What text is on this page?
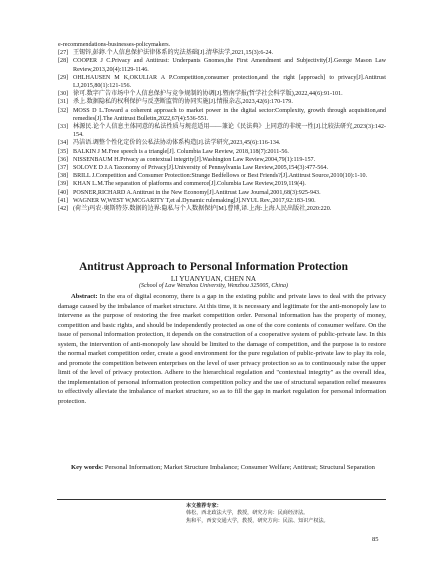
e-recommendations-businesses-policymakers.
[27] 王锡锌,彭錞.个人信息保护法律体系的宪法基础[J].清华法学,2021,15(3):6-24.
[28] COOPER J C.Privacy and Antitrust: Underpants Gnomes,the First Amendment and Subjectivity[J].George Mason Law Review,2013,20(4):1129-1146.
[29] OHLHAUSEN M K,OKULIAR A P.Competition,consumer protection,and the right [approach] to privacy[J].Antitrust LJ,2015,80(1):121-156.
[30] 徐可.数字广告市场中个人信息保护与竞争规制的协调[J].暨南学报(哲学社会科学版),2022,44(6):91-101.
[31] 杀上.数据隐私的权利保护与反垄断监管的协同实施[J].情报杂志,2023,42(6):170-179.
[32] MOSS D L.Toward a coherent approach to market power in the digital sector:Complexity, growth through acquisition,and remedies[J].The Antitrust Bulletin,2022,67(4):536-551.
[33] 林源民.论个人信息主体同意的私法性质与规范适用——兼论《民法典》上同意的非统一性[J].比较法研究,2023(3):142-154.
[34] 冯洁语.调整个性化定价的公私法协动体系构造[J].法学研究,2023,45(6):116-134.
[35] BALKIN J M.Free speech is a triangle[J]. Columbia Law Review, 2018,118(7):2011-56.
[36] NISSENBAUM H.Privacy as contextual integrity[J].Washington Law Review,2004,79(1):119-157.
[37] SOLOVE D J.A Taxonomy of Privacy[J].University of Pennsylvania Law Review,2005,154(3):477-564.
[38] BRILL J.Competition and Consumer Protection:Strange Bedfellows or Best Friends?[J].Antitrust Source,2010(10):1-10.
[39] KHAN L.M.The separation of platforms and commerce[J].Columbia Law Review,2019,119(4).
[40] POSNER,RICHARD A.Antitrust in the New Economy[J].Antitrust Law Journal,2001,68(3):925-943.
[41] WAGNER W,WEST W,MCGARITY T,et al.Dynamic rulemaking[J].NYUL Rev.,2017,92:183-190.
[42] (荷兰)玛农·奥斯特芬.数据的边界:隐私与个人数据保护[M].曹博,译.上海:上海人民出版社,2020:220.
Antitrust Approach to Personal Information Protection
LI YUANYUAN, CHEN NA
(School of Law Wenzhou University, Wenzhou 325005, China)

Abstract: In the era of digital economy, there is a gap in the existing public and private laws to deal with the privacy damage caused by the imbalance of market structure. At this time, it is necessary and legitimate for the anti-monopoly law to intervene as the purpose of restoring the free market competition order. Personal information has the property of money, competition and basic rights, and should be independently protected as one of the core contents of consumer welfare. On the issue of personal information protection, it depends on the construction of a cooperative system of public-private law. In this system, the intervention of anti-monopoly law should be limited to the damage of competition, and the purpose is to restore the normal market competition order, create a good environment for the pure regulation of public-private law to play its role, and promote the competition between enterprises on the level of user privacy protection so as to continuously raise the upper limit of the level of privacy protection. Adhere to the hierarchical regulation and "contextual integrity" as the overall idea, the implementation of personal information protection competition policy and the use of structural separation relief measures to effectively alleviate the imbalance of market structure, so as to fill the gap in market regulation for personal information protection.

Key words: Personal Information; Market Structure Imbalance; Consumer Welfare; Antitrust; Structural Separation

本文推荐专家：
韩松，西北政法大学，教授，研究方向：民商经济法。
焦和平，西安交通大学，教授，研究方向：民法、知识产权法。
85
